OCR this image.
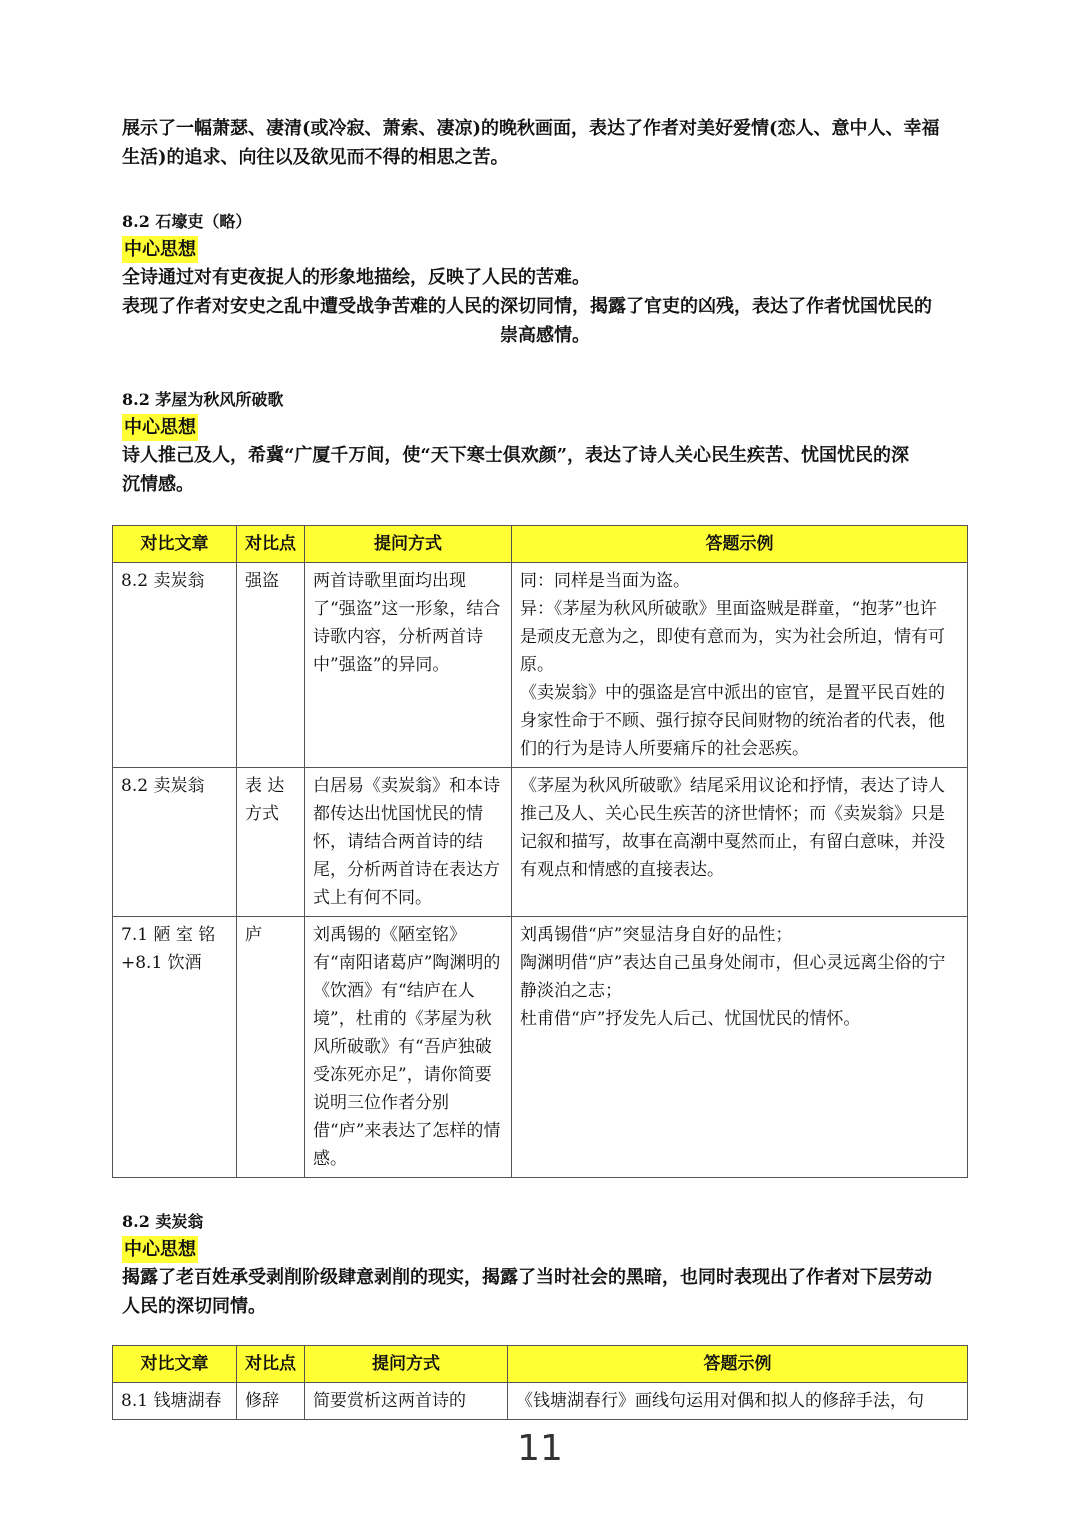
展示了一幅萧瑟、凄清(或冷寂、萧索、凄凉)的晚秋画面，表达了作者对美好爱情(恋人、意中人、幸福

生活)的追求、向往以及欲见而不得的相思之苦。

8.2 石壕吏（略）

中心思想

全诗通过对有吏夜捉人的形象地描绘，反映了人民的苦难。

表现了作者对安史之乱中遭受战争苦难的人民的深切同情，揭露了官吏的凶残，表达了作者忧国忧民的

崇高感情。

8.2 茅屋为秋风所破歌

中心思想

诗人推己及人，希冀“广厦千万间，使“天下寒士俱欢颜”，表达了诗人关心民生疾苦、忧国忧民的深

沉情感。

对比文章	对比点	提问方式	答题示例
8.2 卖炭翁	强盗	两首诗歌里面均出现了“强盗”这一形象，结合诗歌内容，分析两首诗中”强盗”的异同。	同：同样是当面为盗。
异：《茅屋为秋风所破歌》里面盗贼是群童，“抱茅”也许 是顽皮无意为之，即使有意而为，实为社会所迫，情有可原。
《卖炭翁》中的强盗是宫中派出的宦官，是置平民百姓的身家性命于不顾、强行掠夺民间财物的统治者的代表，他们的行为是诗人所要痛斥的社会恶疾。

8.2 卖炭翁	表 达 方式	白居易《卖炭翁》和本诗都传达出忧国忧民的情怀，请结合两首诗的结尾，分析两首诗在表达方式上有何不同。	《茅屋为秋风所破歌》结尾采用议论和抒情，表达了诗人推己及人、关心民生疾苦的济世情怀；而《卖炭翁》只是记叙和描写，故事在高潮中戛然而止，有留白意味，并没有观点和情感的直接表达。

7.1 陋 室 铭 +8.1 饮酒	庐	刘禹锡的《陋室铭》有“南阳诸葛庐”陶渊明的《饮酒》有“结庐在人境”，杜甫的《茅屋为秋风所破歌》有“吾庐独破受冻死亦足”，请你简要说明三位作者分别借“庐”来表达了怎样的情感。	刘禹锡借“庐”突显洁身自好的品性；
陶渊明借“庐”表达自己虽身处闹市，但心灵远离尘俗的宁静淡泊之志；
杜甫借“庐”抒发先人后己、忧国忧民的情怀。

8.2 卖炭翁

中心思想

揭露了老百姓承受剥削阶级肆意剥削的现实，揭露了当时社会的黑暗，也同时表现出了作者对下层劳动

人民的深切同情。

对比文章	对比点	提问方式	答题示例
8.1 钱塘湖春	修辞	简要赏析这两首诗的	《钱塘湖春行》画线句运用对偶和拟人的修辞手法，句
11
